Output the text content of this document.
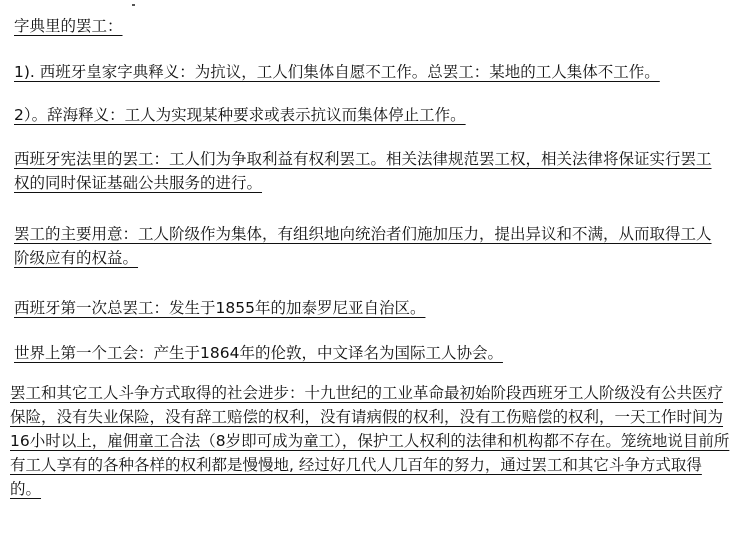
字典里的罢工：

1). 西班牙皇家字典释义：为抗议，工人们集体自愿不工作。总罢工：某地的工人集体不工作。

2）。辞海释义：工人为实现某种要求或表示抗议而集体停止工作。

西班牙宪法里的罢工：工人们为争取利益有权利罢工。相关法律规范罢工权，相关法律将保证实行罢工权的同时保证基础公共服务的进行。

罢工的主要用意：工人阶级作为集体，有组织地向统治者们施加压力，提出异议和不满，从而取得工人阶级应有的权益。

西班牙第一次总罢工：发生于1855年的加泰罗尼亚自治区。

世界上第一个工会：产生于1864年的伦敦，中文译名为国际工人协会。

罢工和其它工人斗争方式取得的社会进步：十九世纪的工业革命最初始阶段西班牙工人阶级没有公共医疗保险，没有失业保险，没有辞工赔偿的权利，没有请病假的权利，没有工伤赔偿的权利，一天工作时间为16小时以上，雇佣童工合法（8岁即可成为童工），保护工人权利的法律和机构都不存在。笼统地说目前所有工人享有的各种各样的权利都是慢慢地, 经过好几代人几百年的努力，通过罢工和其它斗争方式取得的。
